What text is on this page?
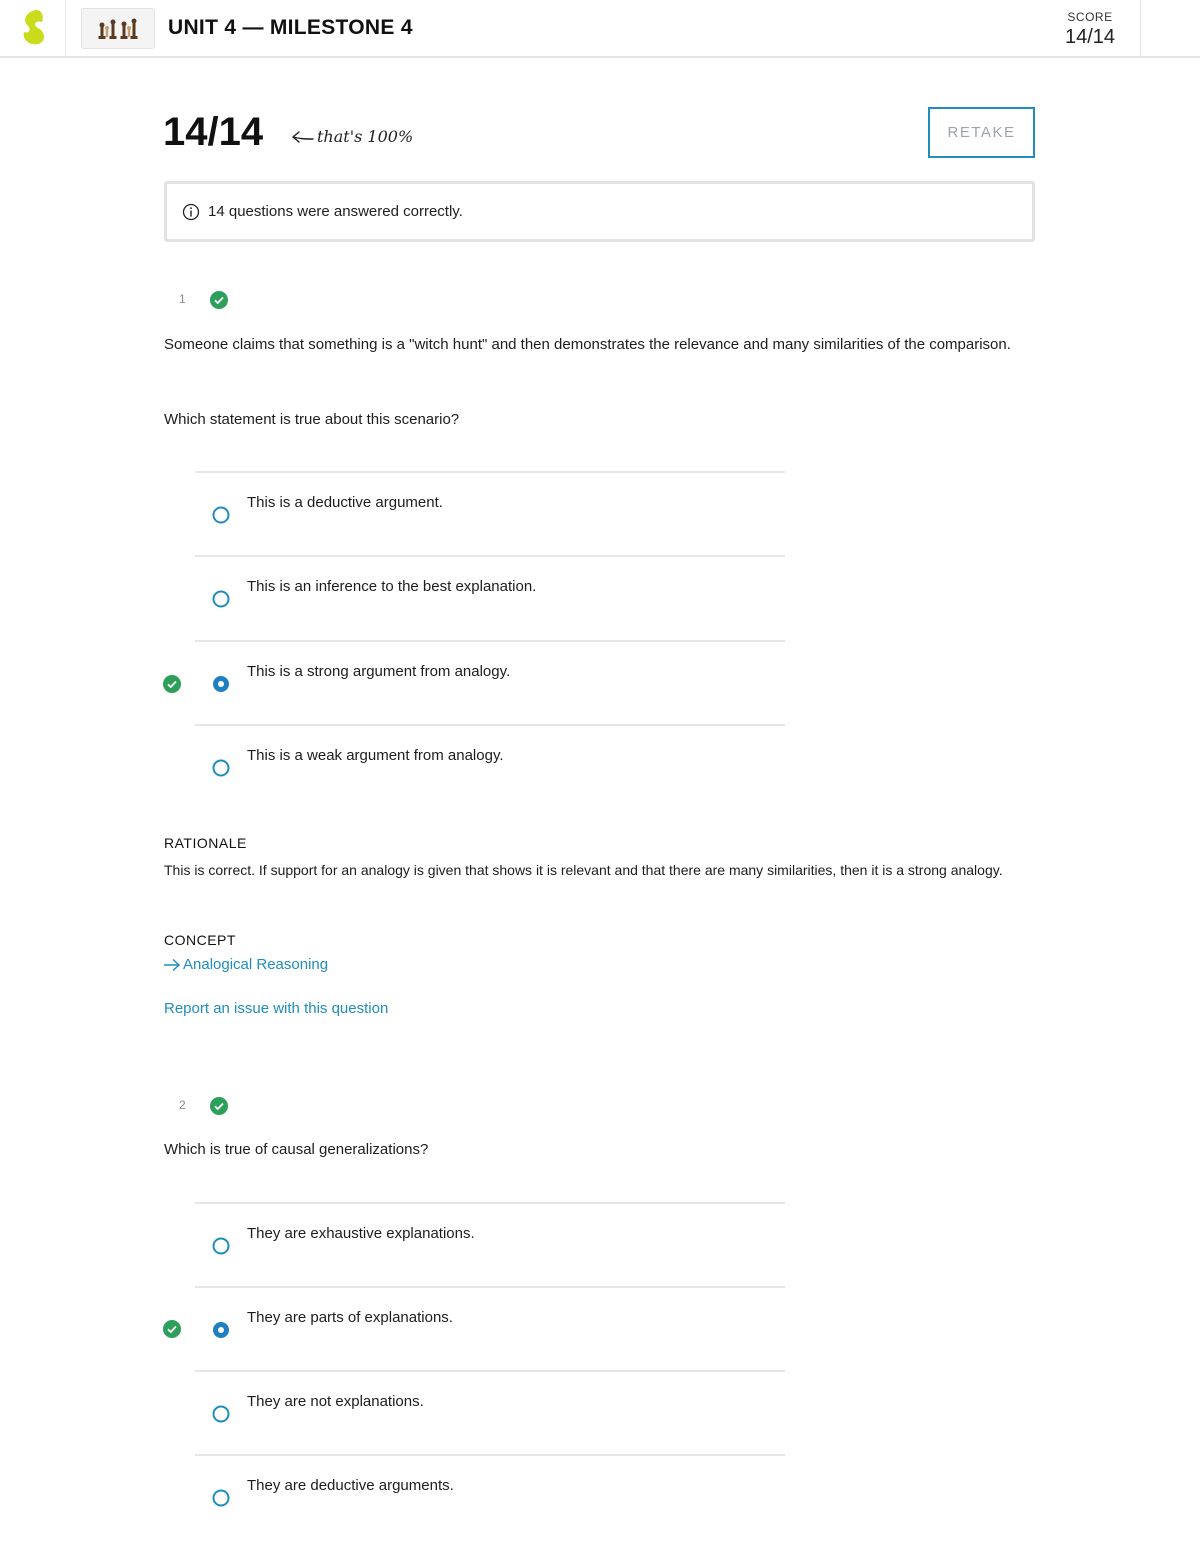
UNIT 4 — MILESTONE 4	SCORE
14/14
14/14	that's 100%	RETAKE
14 questions were answered correctly.
1
Someone claims that something is a "witch hunt" and then demonstrates the relevance and many similarities of the comparison.
Which statement is true about this scenario?
This is a deductive argument.
This is an inference to the best explanation.
This is a strong argument from analogy.
This is a weak argument from analogy.
RATIONALE
This is correct. If support for an analogy is given that shows it is relevant and that there are many similarities, then it is a strong analogy.
CONCEPT
Analogical Reasoning
Report an issue with this question
2
Which is true of causal generalizations?
They are exhaustive explanations.
They are parts of explanations.
They are not explanations.
They are deductive arguments.
